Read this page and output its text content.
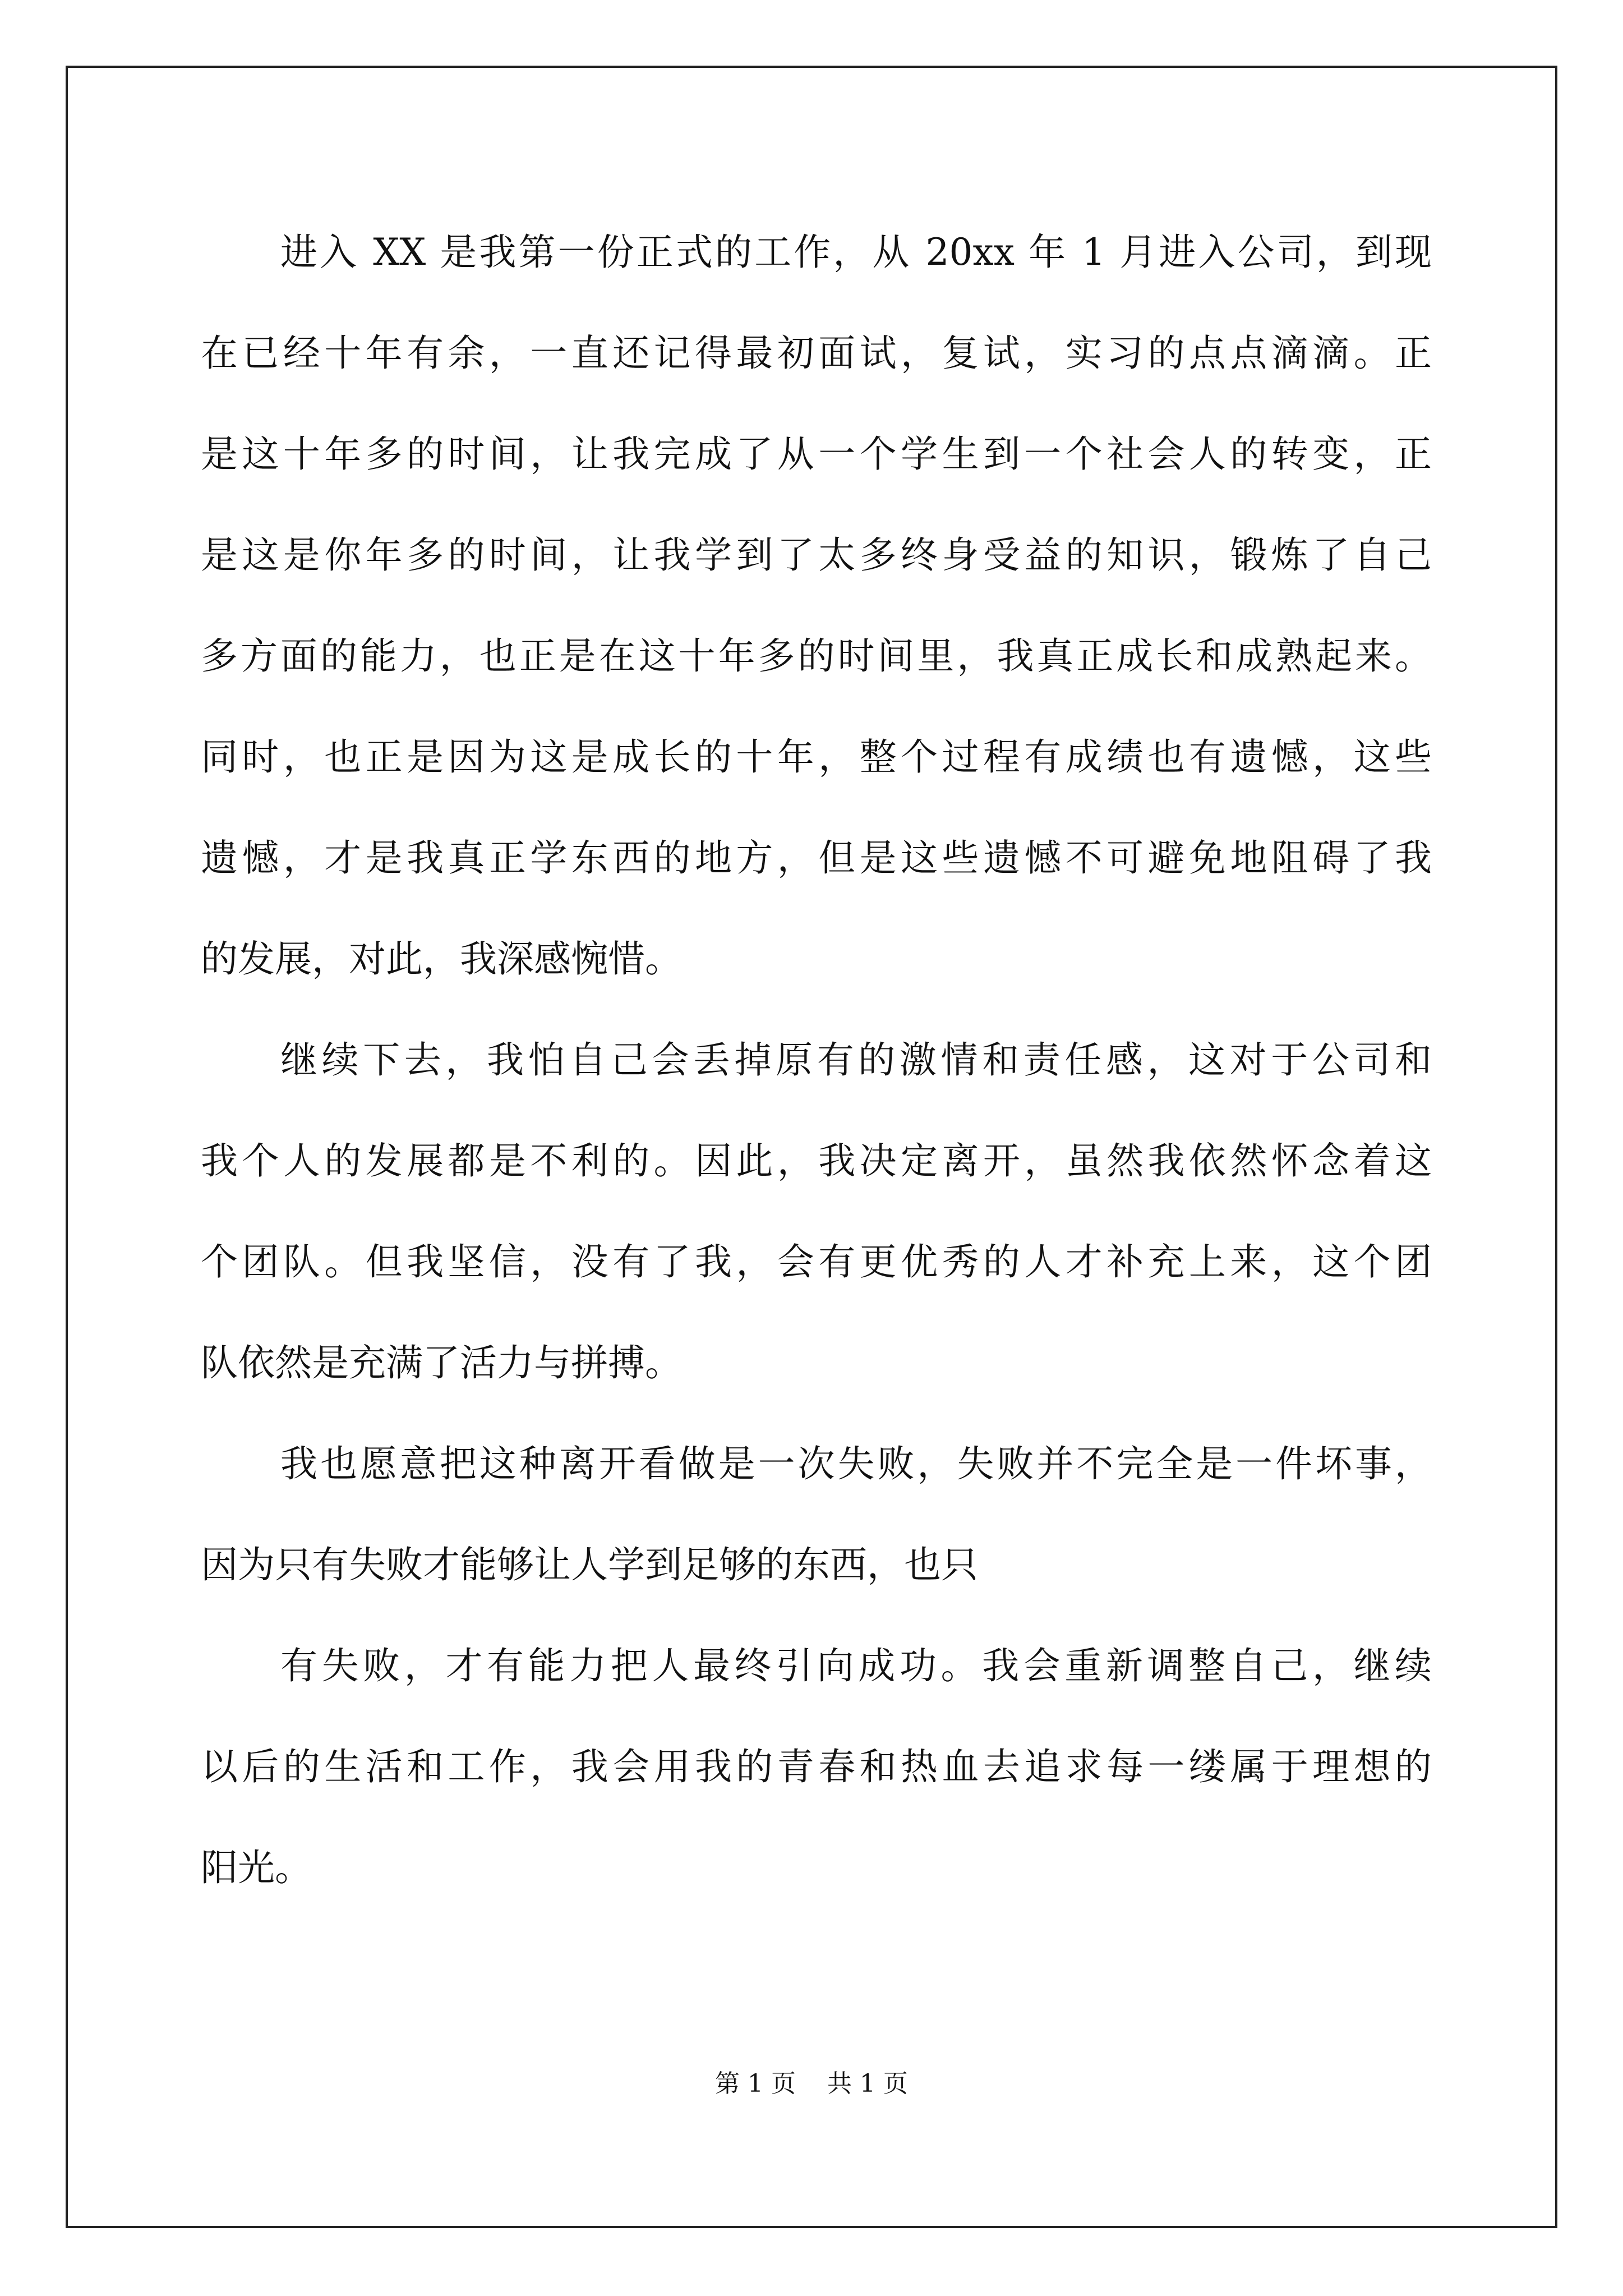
进入 XX 是我第一份正式的工作，从 20xx 年 1 月进入公司，到现
在已经十年有余，一直还记得最初面试，复试，实习的点点滴滴。正
是这十年多的时间，让我完成了从一个学生到一个社会人的转变，正
是这是你年多的时间，让我学到了太多终身受益的知识，锻炼了自己
多方面的能力，也正是在这十年多的时间里，我真正成长和成熟起来。
同时，也正是因为这是成长的十年，整个过程有成绩也有遗憾，这些
遗憾，才是我真正学东西的地方，但是这些遗憾不可避免地阻碍了我
的发展，对此，我深感惋惜。
继续下去，我怕自己会丢掉原有的激情和责任感，这对于公司和
我个人的发展都是不利的。因此，我决定离开，虽然我依然怀念着这
个团队。但我坚信，没有了我，会有更优秀的人才补充上来，这个团
队依然是充满了活力与拼搏。
我也愿意把这种离开看做是一次失败，失败并不完全是一件坏事，
因为只有失败才能够让人学到足够的东西，也只
有失败，才有能力把人最终引向成功。我会重新调整自己，继续
以后的生活和工作，我会用我的青春和热血去追求每一缕属于理想的
阳光。
第 1 页 共 1 页
